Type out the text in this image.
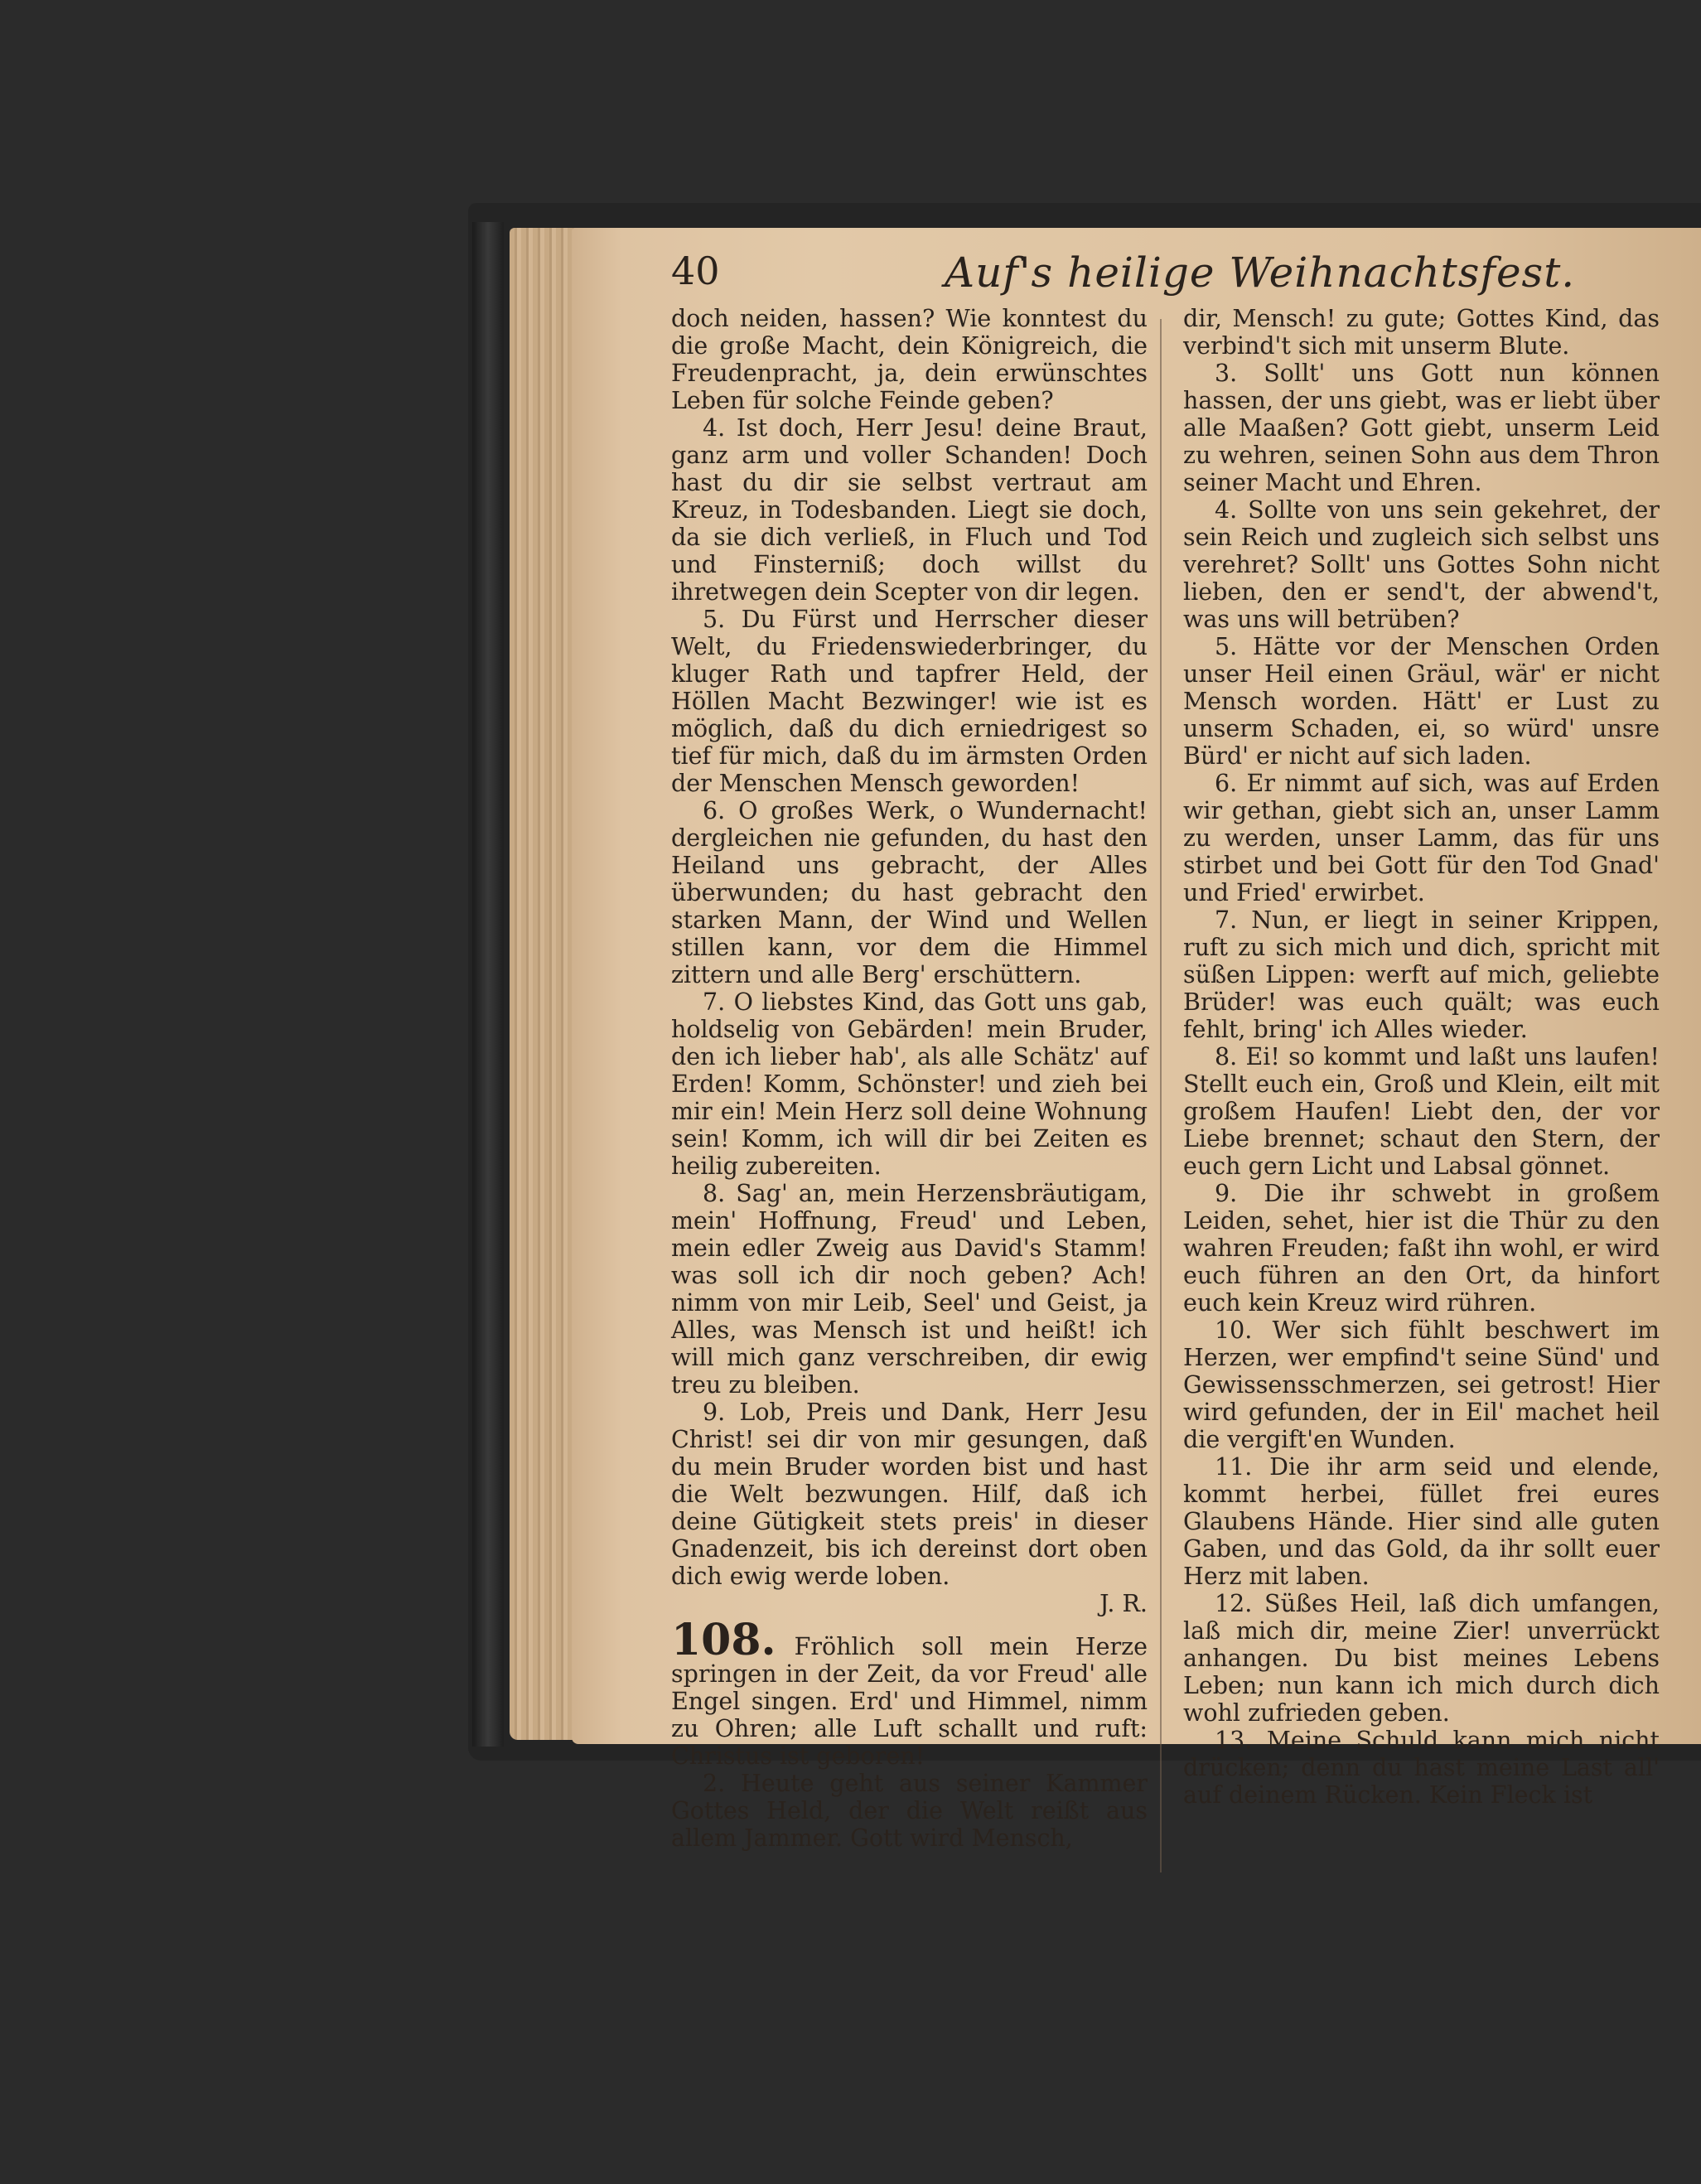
40	Auf's heilige Weihnachtsfest.

doch neiden, hassen? Wie konntest du die große Macht, dein Königreich, die Freudenpracht, ja, dein erwünschtes Leben für solche Feinde geben?

4. Ist doch, Herr Jesu! deine Braut, ganz arm und voller Schanden! Doch hast du dir sie selbst vertraut am Kreuz, in Todesbanden. Liegt sie doch, da sie dich verließ, in Fluch und Tod und Finsterniß; doch willst du ihretwegen dein Scepter von dir legen.

5. Du Fürst und Herrscher dieser Welt, du Friedenswiederbringer, du kluger Rath und tapfrer Held, der Höllen Macht Bezwinger! wie ist es möglich, daß du dich erniedrigest so tief für mich, daß du im ärmsten Orden der Menschen Mensch geworden!

6. O großes Werk, o Wundernacht! dergleichen nie gefunden, du hast den Heiland uns gebracht, der Alles überwunden; du hast gebracht den starken Mann, der Wind und Wellen stillen kann, vor dem die Himmel zittern und alle Berg' erschüttern.

7. O liebstes Kind, das Gott uns gab, holdselig von Gebärden! mein Bruder, den ich lieber hab', als alle Schätz' auf Erden! Komm, Schönster! und zieh bei mir ein! Mein Herz soll deine Wohnung sein! Komm, ich will dir bei Zeiten es heilig zubereiten.

8. Sag' an, mein Herzensbräutigam, mein' Hoffnung, Freud' und Leben, mein edler Zweig aus David's Stamm! was soll ich dir noch geben? Ach! nimm von mir Leib, Seel' und Geist, ja Alles, was Mensch ist und heißt! ich will mich ganz verschreiben, dir ewig treu zu bleiben.

9. Lob, Preis und Dank, Herr Jesu Christ! sei dir von mir gesungen, daß du mein Bruder worden bist und hast die Welt bezwungen. Hilf, daß ich deine Gütigkeit stets preis' in dieser Gnadenzeit, bis ich dereinst dort oben dich ewig werde loben.

J. R.

108. Fröhlich soll mein Herze springen in der Zeit, da vor Freud' alle Engel singen. Erd' und Himmel, nimm zu Ohren; alle Luft schallt und ruft: Christus ist geboren!

2. Heute geht aus seiner Kammer Gottes Held, der die Welt reißt aus allem Jammer. Gott wird Mensch,

dir, Mensch! zu gute; Gottes Kind, das verbind't sich mit unserm Blute.

3. Sollt' uns Gott nun können hassen, der uns giebt, was er liebt über alle Maaßen? Gott giebt, unserm Leid zu wehren, seinen Sohn aus dem Thron seiner Macht und Ehren.

4. Sollte von uns sein gekehret, der sein Reich und zugleich sich selbst uns verehret? Sollt' uns Gottes Sohn nicht lieben, den er send't, der abwend't, was uns will betrüben?

5. Hätte vor der Menschen Orden unser Heil einen Gräul, wär' er nicht Mensch worden. Hätt' er Lust zu unserm Schaden, ei, so würd' unsre Bürd' er nicht auf sich laden.

6. Er nimmt auf sich, was auf Erden wir gethan, giebt sich an, unser Lamm zu werden, unser Lamm, das für uns stirbet und bei Gott für den Tod Gnad' und Fried' erwirbet.

7. Nun, er liegt in seiner Krippen, ruft zu sich mich und dich, spricht mit süßen Lippen: werft auf mich, geliebte Brüder! was euch quält; was euch fehlt, bring' ich Alles wieder.

8. Ei! so kommt und laßt uns laufen! Stellt euch ein, Groß und Klein, eilt mit großem Haufen! Liebt den, der vor Liebe brennet; schaut den Stern, der euch gern Licht und Labsal gönnet.

9. Die ihr schwebt in großem Leiden, sehet, hier ist die Thür zu den wahren Freuden; faßt ihn wohl, er wird euch führen an den Ort, da hinfort euch kein Kreuz wird rühren.

10. Wer sich fühlt beschwert im Herzen, wer empfind't seine Sünd' und Gewissensschmerzen, sei getrost! Hier wird gefunden, der in Eil' machet heil die vergift'en Wunden.

11. Die ihr arm seid und elende, kommt herbei, füllet frei eures Glaubens Hände. Hier sind alle guten Gaben, und das Gold, da ihr sollt euer Herz mit laben.

12. Süßes Heil, laß dich umfangen, laß mich dir, meine Zier! unverrückt anhangen. Du bist meines Lebens Leben; nun kann ich mich durch dich wohl zufrieden geben.

13. Meine Schuld kann mich nicht drücken; denn du hast meine Last all' auf deinem Rücken. Kein Fleck ist
